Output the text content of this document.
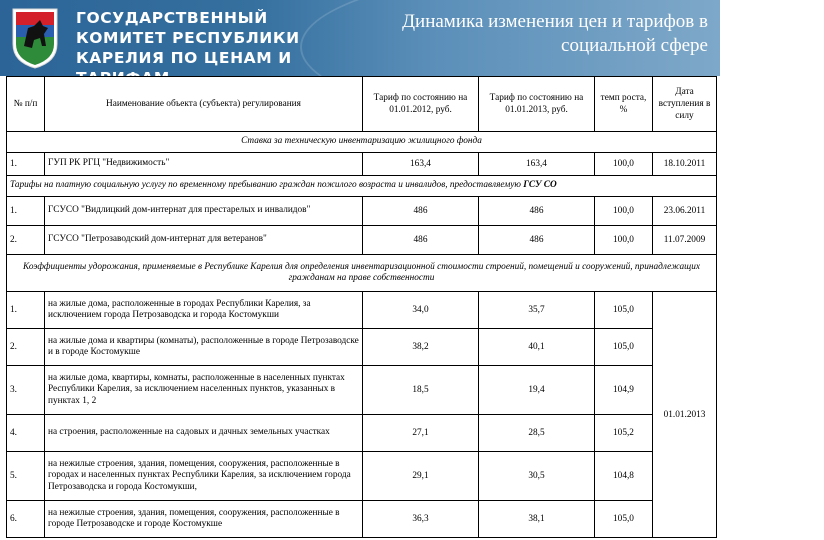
ГОСУДАРСТВЕННЫЙ КОМИТЕТ РЕСПУБЛИКИ КАРЕЛИЯ ПО ЦЕНАМ И ТАРИФАМ
Динамика изменения цен и тарифов в социальной сфере
№ п/п	Наименование объекта (субъекта) регулирования	Тариф по состоянию на 01.01.2012, руб.	Тариф по состоянию на 01.01.2013, руб.	темп роста, %	Дата вступления в силу
Ставка за техническую инвентаризацию жилищного фонда					
1.	ГУП РК РГЦ "Недвижимость"	163,4	163,4	100,0	18.10.2011
Тарифы на платную социальную услугу по временному пребыванию граждан пожилого возраста и инвалидов, предоставляемую ГСУ СО					
1.	ГСУСО "Видлицкий дом-интернат для престарелых и инвалидов"	486	486	100,0	23.06.2011
2.	ГСУСО "Петрозаводский дом-интернат для ветеранов"	486	486	100,0	11.07.2009
Коэффициенты удорожания, применяемые в Республике Карелия для определения инвентаризационной стоимости строений, помещений и сооружений, принадлежащих гражданам на праве собственности					
1.	на жилые дома, расположенные в городах Республики Карелия, за исключением города Петрозаводска и города Костомукши	34,0	35,7	105,0	01.01.2013
2.	на жилые дома и квартиры (комнаты), расположенные в городе Петрозаводске и в городе Костомукше	38,2	40,1	105,0	
3.	на жилые дома, квартиры, комнаты, расположенные в населенных пунктах Республики Карелия, за исключением населенных пунктов, указанных в пунктах 1, 2	18,5	19,4	104,9	
4.	на строения, расположенные на садовых и дачных земельных участках	27,1	28,5	105,2	
5.	на нежилые строения, здания, помещения, сооружения, расположенные в городах и населенных пунктах Республики Карелия, за исключением города Петрозаводска и города Костомукши,	29,1	30,5	104,8	
6.	на нежилые строения, здания, помещения, сооружения, расположенные в городе Петрозаводске и городе Костомукше	36,3	38,1	105,0	
